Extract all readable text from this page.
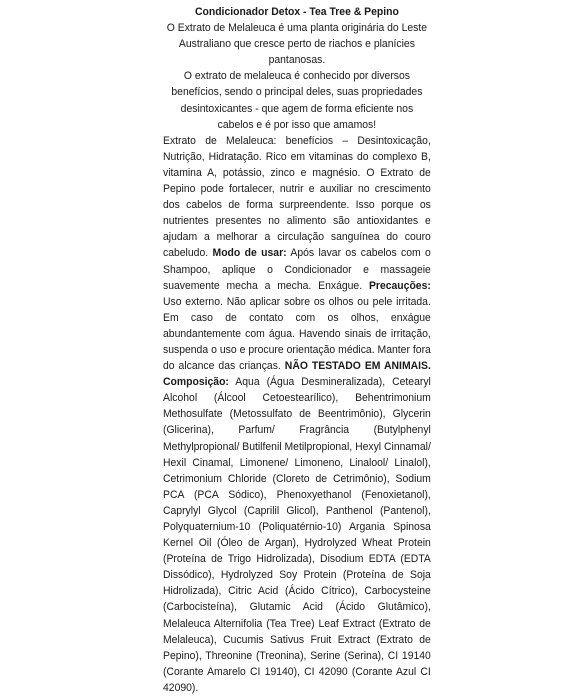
Condicionador Detox - Tea Tree & Pepino

O Extrato de Melaleuca é uma planta originária do Leste Australiano que cresce perto de riachos e planícies pantanosas.

O extrato de melaleuca é conhecido por diversos benefícios, sendo o principal deles, suas propriedades desintoxicantes - que agem de forma eficiente nos cabelos e é por isso que amamos!

Extrato de Melaleuca: benefícios – Desintoxicação, Nutrição, Hidratação. Rico em vitaminas do complexo B, vitamina A, potássio, zinco e magnésio. O Extrato de Pepino pode fortalecer, nutrir e auxiliar no crescimento dos cabelos de forma surpreendente. Isso porque os nutrientes presentes no alimento são antioxidantes e ajudam a melhorar a circulação sanguínea do couro cabeludo. Modo de usar: Após lavar os cabelos com o Shampoo, aplique o Condicionador e massageie suavemente mecha a mecha. Enxágue. Precauções: Uso externo. Não aplicar sobre os olhos ou pele irritada. Em caso de contato com os olhos, enxágue abundantemente com água. Havendo sinais de irritação, suspenda o uso e procure orientação médica. Manter fora do alcance das crianças. NÃO TESTADO EM ANIMAIS. Composição: Aqua (Água Desmineralizada), Cetearyl Alcohol (Álcool Cetoestearílico), Behentrimonium Methosulfate (Metossulfato de Beentrimônio), Glycerin (Glicerina), Parfum/ Fragrância (Butylphenyl Methylpropional/ Butilfenil Metilpropional, Hexyl Cinnamal/ Hexil Cinamal, Limonene/ Limoneno, Linalool/ Linalol), Cetrimonium Chloride (Cloreto de Cetrimônio), Sodium PCA (PCA Sódico), Phenoxyethanol (Fenoxietanol), Caprylyl Glycol (Caprilil Glicol), Panthenol (Pantenol), Polyquaternium-10 (Poliquatérnio-10) Argania Spinosa Kernel Oil (Óleo de Argan), Hydrolyzed Wheat Protein (Proteína de Trigo Hidrolizada), Disodium EDTA (EDTA Dissódico), Hydrolyzed Soy Protein (Proteína de Soja Hidrolizada), Citric Acid (Ácido Cítrico), Carbocysteine (Carbocisteína), Glutamic Acid (Ácido Glutâmico), Melaleuca Alternifolia (Tea Tree) Leaf Extract (Extrato de Melaleuca), Cucumis Sativus Fruit Extract (Extrato de Pepino), Threonine (Treonina), Serine (Serina), CI 19140 (Corante Amarelo CI 19140), CI 42090 (Corante Azul CI 42090).
